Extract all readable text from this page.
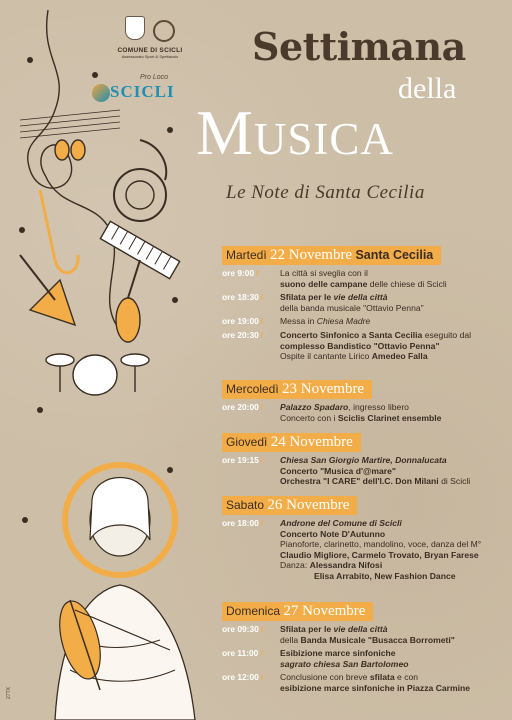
COMUNE DI SCICLI
Assessorato Sport & Spettacolo
Pro Loco
SCICLI
Settimana
della
Musica
Le Note di Santa Cecilia
Martedì 22 Novembre Santa Cecilia
ore 9:00 /	La città si sveglia con il
suono delle campane delle chiese di Scicli
ore 18:30 /	Sfilata per le vie della città
della banda musicale "Ottavio Penna"
ore 19:00 /	Messa in Chiesa Madre
ore 20:30 /	Concerto Sinfonico a Santa Cecilia eseguito dal complesso Bandistico "Ottavio Penna"
Ospite il cantante Lirico Amedeo Falla
Mercoledì 23 Novembre
ore 20:00 /	Palazzo Spadaro, ingresso libero
Concerto con i Sciclis Clarinet ensemble
Giovedì 24 Novembre
ore 19:15 /	Chiesa San Giorgio Martire, Donnalucata
Concerto "Musica d'@mare"
Orchestra "I CARE" dell'I.C. Don Milani di Scicli
Sabato 26 Novembre
ore 18:00 /	Androne del Comune di Scicli
Concerto Note D'Autunno
Pianoforte, clarinetto, mandolino, voce, danza del M° Claudio Migliore, Carmelo Trovato, Bryan Farese
Danza: Alessandra Nifosi
Elisa Arrabito, New Fashion Dance
Domenica 27 Novembre
ore 09:30 /	Sfilata per le vie della città
della Banda Musicale "Busacca Borrometi"
ore 11:00 /	Esibizione marce sinfoniche
sagrato chiesa San Bartolomeo
ore 12:00 /	Conclusione con breve sfilata e con
esibizione marce sinfoniche in Piazza Carmine
27TX
